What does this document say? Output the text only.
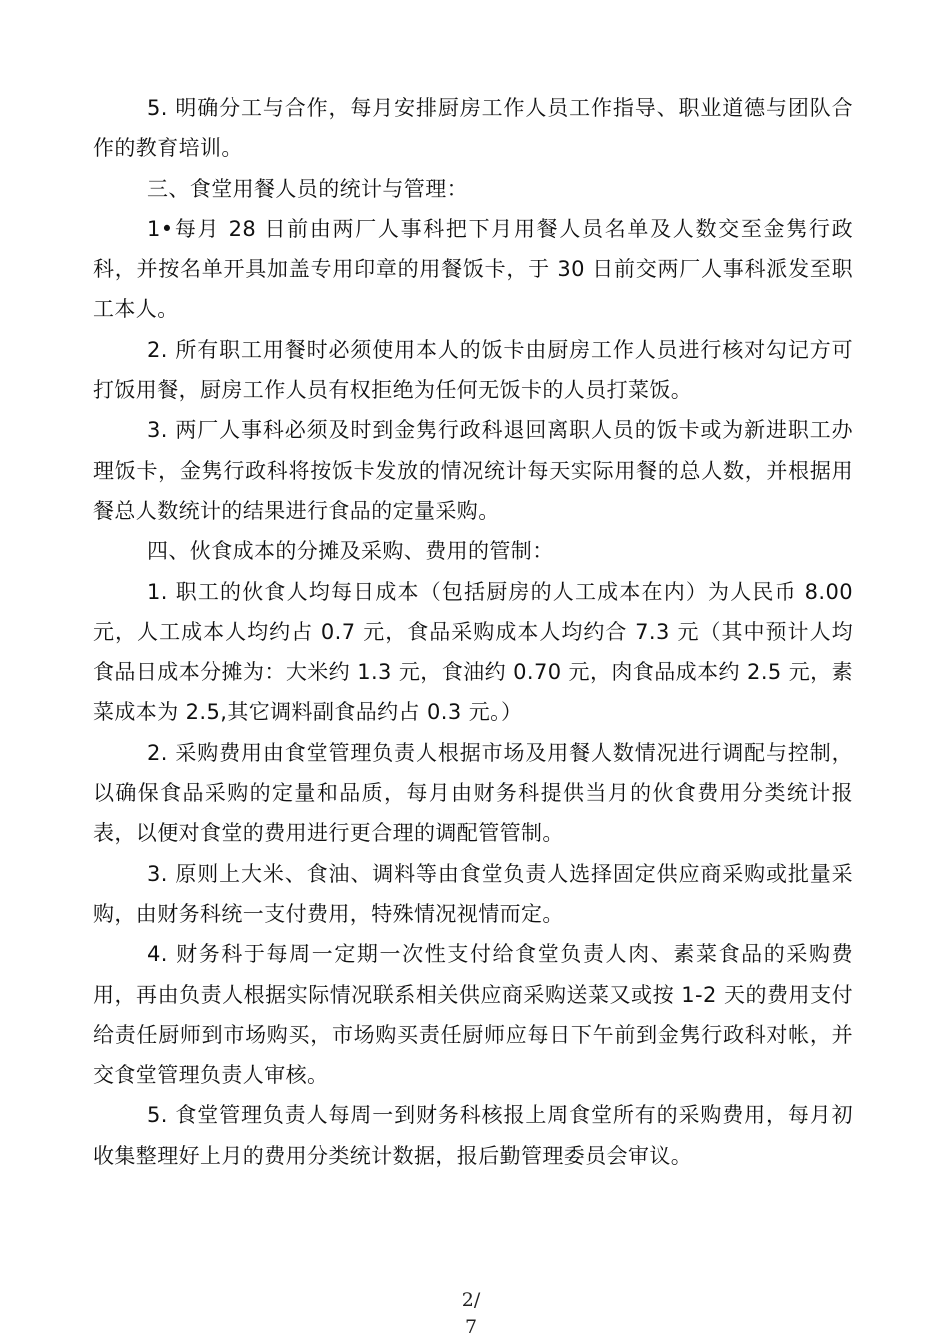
5. 明确分工与合作，每月安排厨房工作人员工作指导、职业道德与团队合作的教育培训。

三、食堂用餐人员的统计与管理：

1•每月 28 日前由两厂人事科把下月用餐人员名单及人数交至金隽行政科，并按名单开具加盖专用印章的用餐饭卡，于 30 日前交两厂人事科派发至职工本人。

2. 所有职工用餐时必须使用本人的饭卡由厨房工作人员进行核对勾记方可打饭用餐，厨房工作人员有权拒绝为任何无饭卡的人员打菜饭。

3. 两厂人事科必须及时到金隽行政科退回离职人员的饭卡或为新进职工办理饭卡，金隽行政科将按饭卡发放的情况统计每天实际用餐的总人数，并根据用餐总人数统计的结果进行食品的定量采购。

四、伙食成本的分摊及采购、费用的管制：

1. 职工的伙食人均每日成本（包括厨房的人工成本在内）为人民币 8.00 元，人工成本人均约占 0.7 元，食品采购成本人均约合 7.3 元（其中预计人均食品日成本分摊为：大米约 1.3 元，食油约 0.70 元，肉食品成本约 2.5 元，素菜成本为 2.5,其它调料副食品约占 0.3 元。）

2. 采购费用由食堂管理负责人根据市场及用餐人数情况进行调配与控制，以确保食品采购的定量和品质，每月由财务科提供当月的伙食费用分类统计报表，以便对食堂的费用进行更合理的调配管管制。

3. 原则上大米、食油、调料等由食堂负责人选择固定供应商采购或批量采购，由财务科统一支付费用，特殊情况视情而定。

4. 财务科于每周一定期一次性支付给食堂负责人肉、素菜食品的采购费用，再由负责人根据实际情况联系相关供应商采购送菜又或按 1-2 天的费用支付给责任厨师到市场购买，市场购买责任厨师应每日下午前到金隽行政科对帐，并交食堂管理负责人审核。

5. 食堂管理负责人每周一到财务科核报上周食堂所有的采购费用，每月初收集整理好上月的费用分类统计数据，报后勤管理委员会审议。

2/
7
